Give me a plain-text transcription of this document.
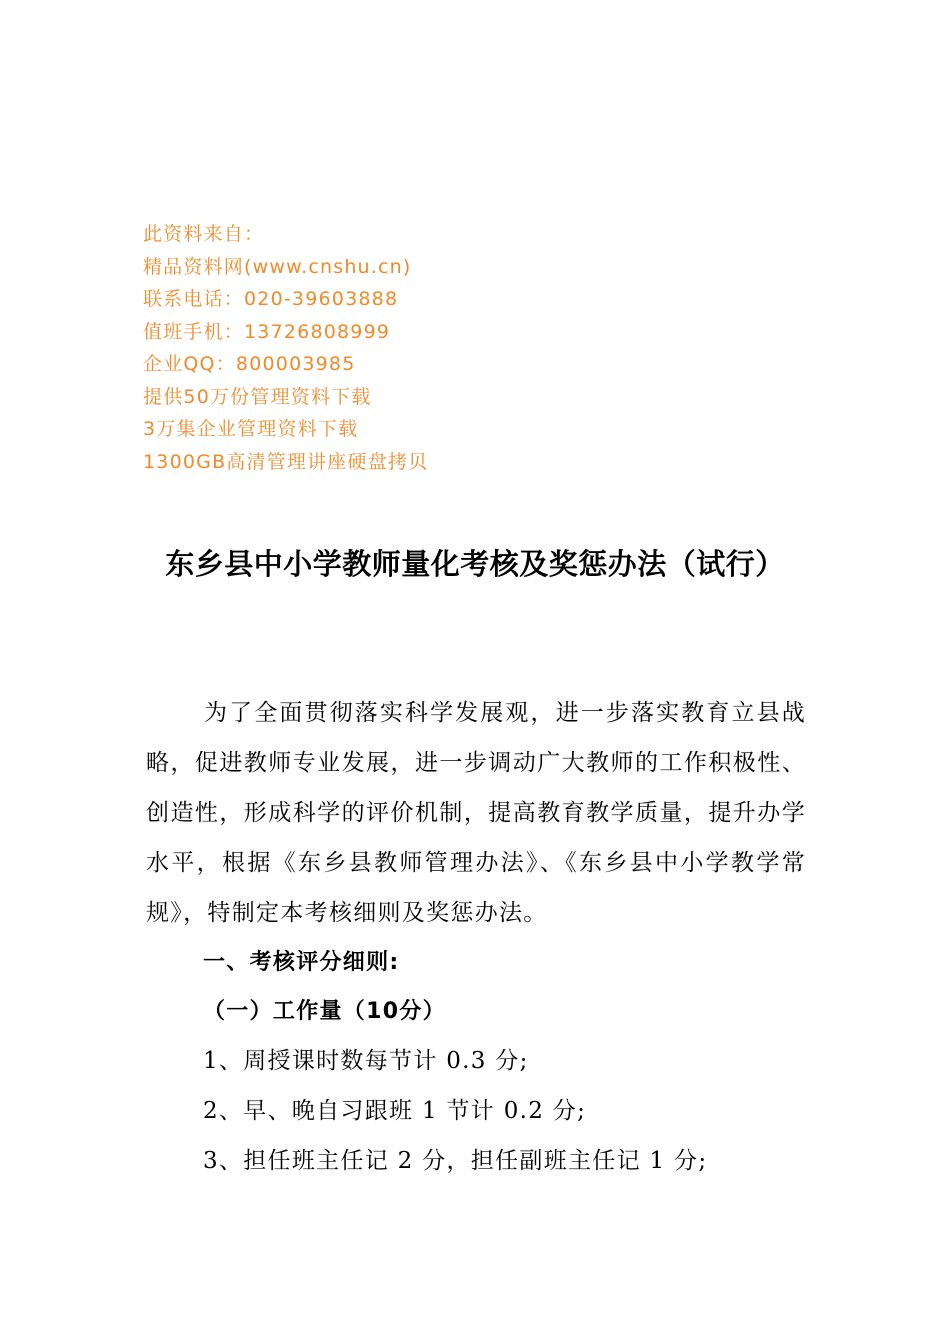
此资料来自：
精品资料网(www.cnshu.cn)
联系电话：020-39603888
值班手机：13726808999
企业QQ：800003985
提供50万份管理资料下载
3万集企业管理资料下载
1300GB高清管理讲座硬盘拷贝
东乡县中小学教师量化考核及奖惩办法（试行）
为了全面贯彻落实科学发展观，进一步落实教育立县战略，促进教师专业发展，进一步调动广大教师的工作积极性、创造性，形成科学的评价机制，提高教育教学质量，提升办学水平，根据《东乡县教师管理办法》、《东乡县中小学教学常规》，特制定本考核细则及奖惩办法。
一、考核评分细则:
（一）工作量（10分）
1、周授课时数每节计 0.3 分;
2、早、晚自习跟班 1 节计 0.2 分;
3、担任班主任记 2 分，担任副班主任记 1 分;
